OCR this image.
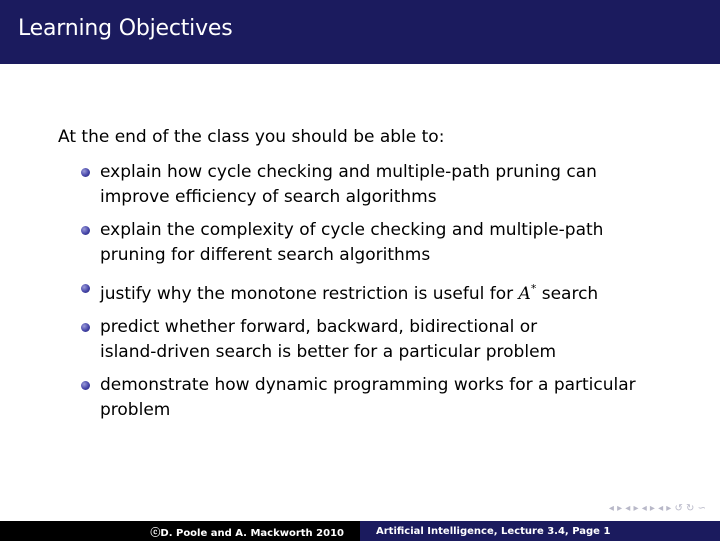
Learning Objectives
At the end of the class you should be able to:
explain how cycle checking and multiple-path pruning can
improve efficiency of search algorithms
explain the complexity of cycle checking and multiple-path
pruning for different search algorithms
justify why the monotone restriction is useful for A* search
predict whether forward, backward, bidirectional or
island-driven search is better for a particular problem
demonstrate how dynamic programming works for a particular
problem
◂ ▸ ◂ ▸ ◂ ▸ ◂ ▸ ↺ ↻ ∽
ⓒD. Poole and A. Mackworth 2010	Artificial Intelligence, Lecture 3.4, Page 1
